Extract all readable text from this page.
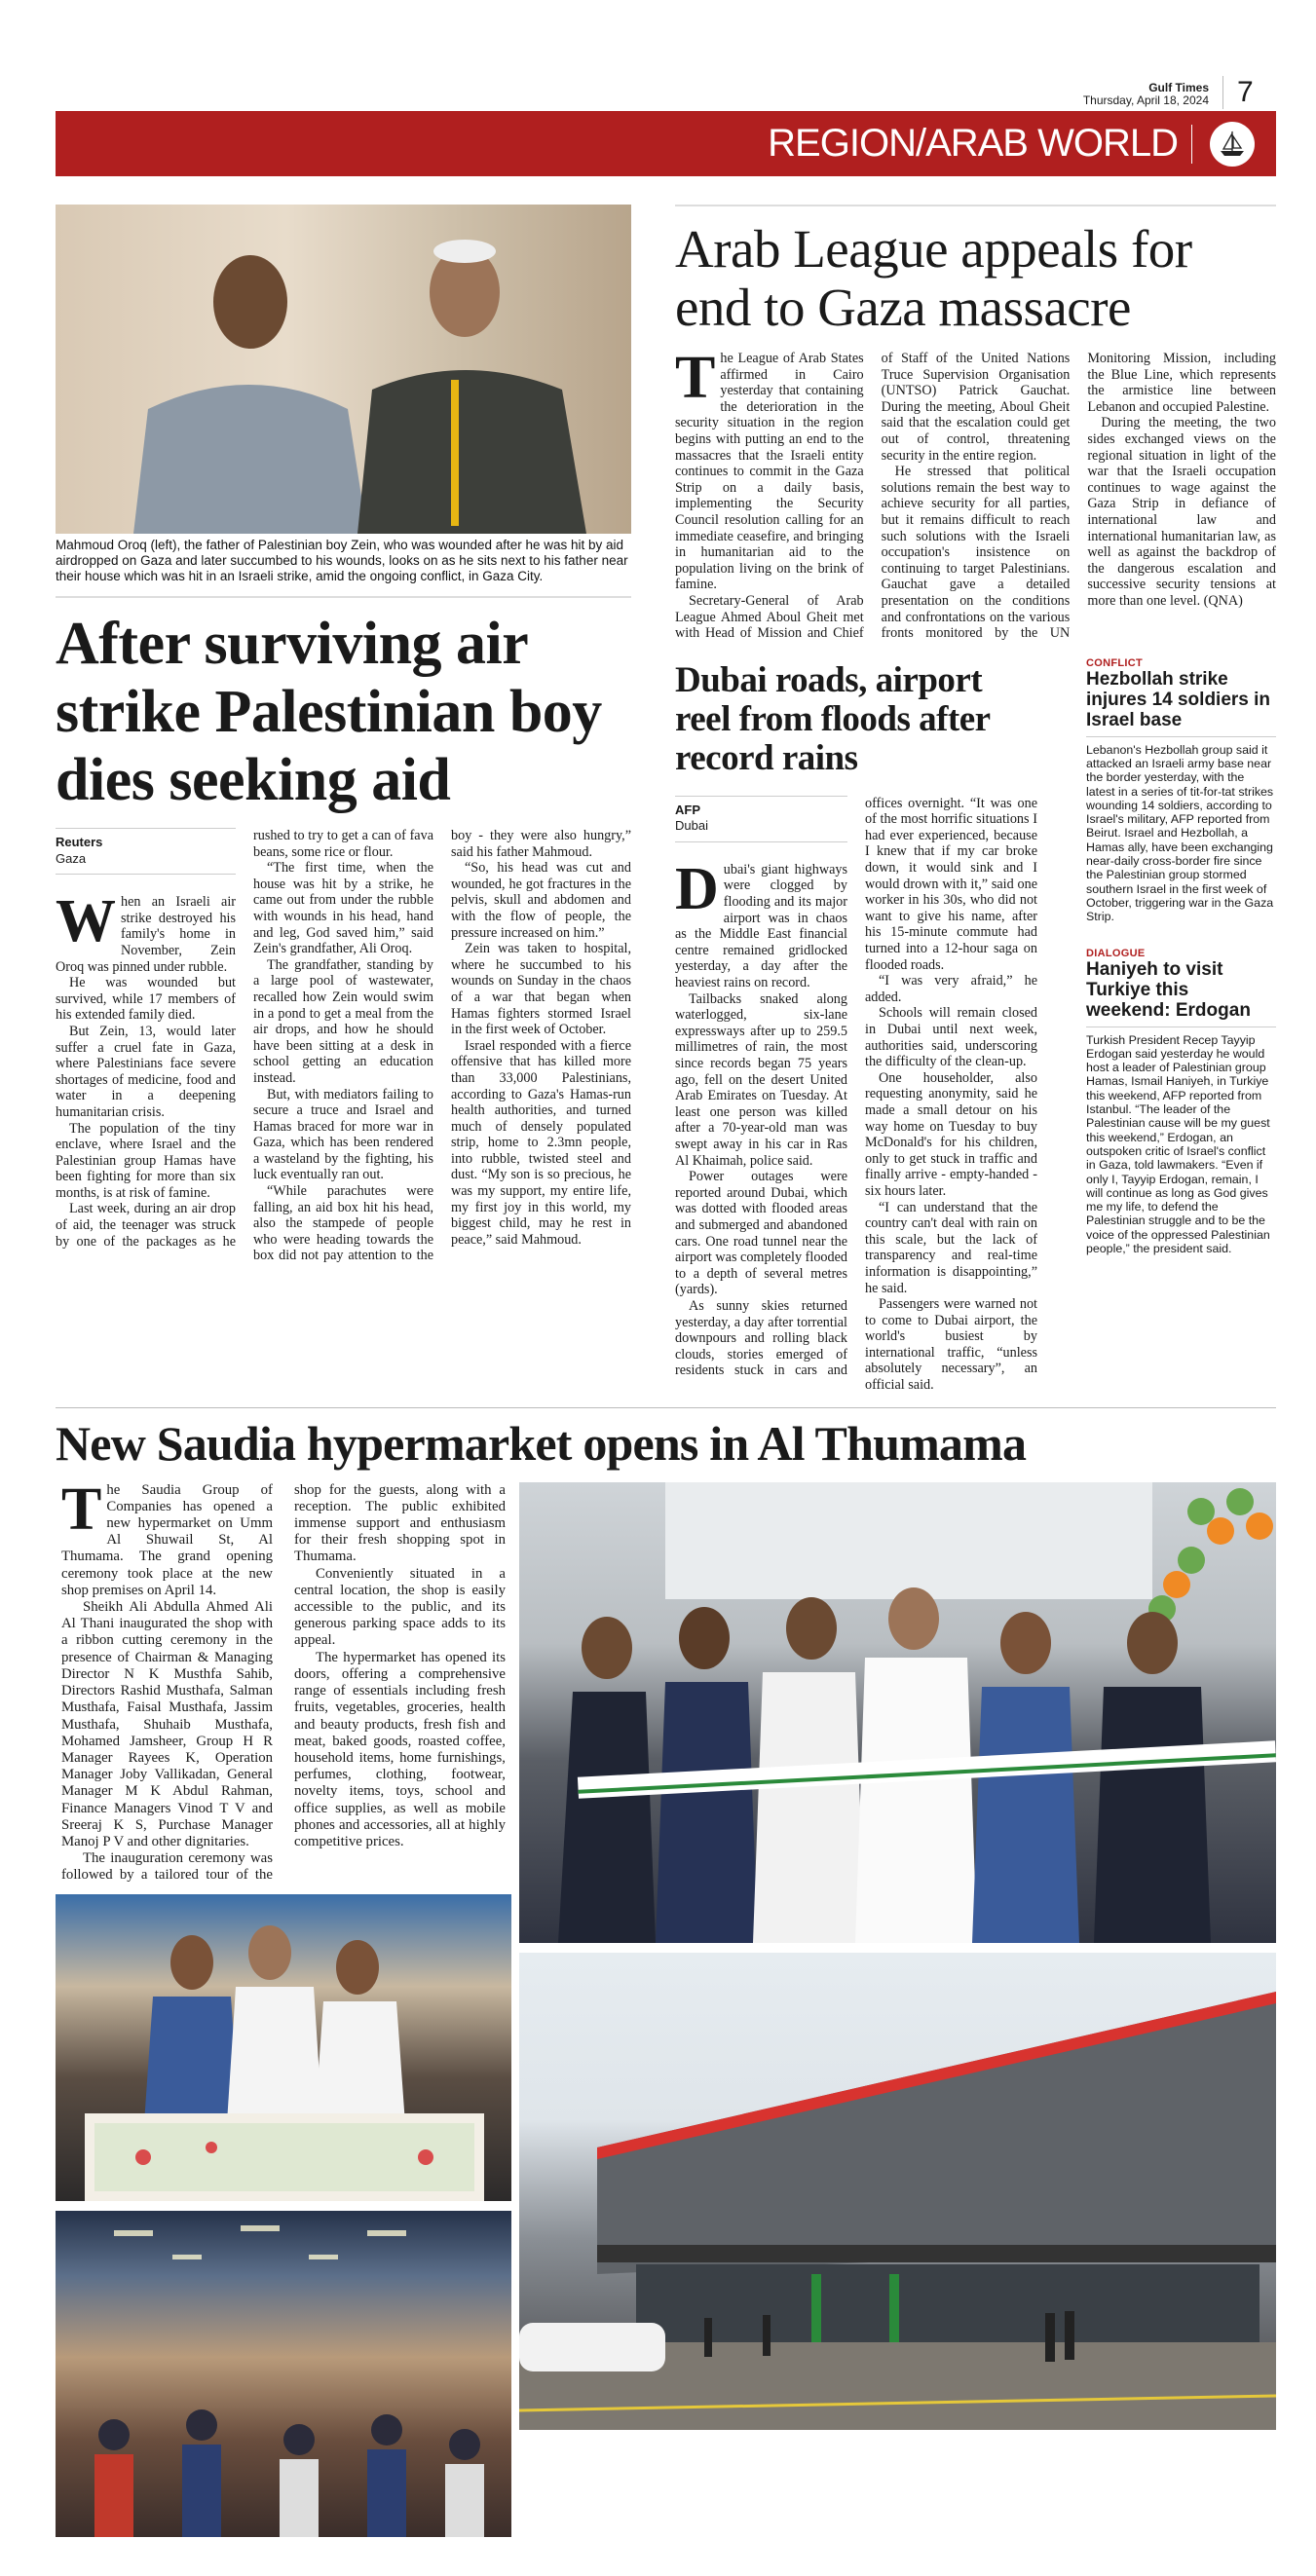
Gulf Times
Thursday, April 18, 2024 7
REGION/ARAB WORLD
Mahmoud Oroq (left), the father of Palestinian boy Zein, who was wounded after he was hit by aid airdropped on Gaza and later succumbed to his wounds, looks on as he sits next to his father near their house which was hit in an Israeli strike, amid the ongoing conflict, in Gaza City.
After surviving air strike Palestinian boy dies seeking aid
Reuters
Gaza

When an Israeli air strike destroyed his family's home in November, Zein Oroq was pinned under rubble.

He was wounded but survived, while 17 members of his extended family died.

But Zein, 13, would later suffer a cruel fate in Gaza, where Palestinians face severe shortages of medicine, food and water in a deepening humanitarian crisis.

The population of the tiny enclave, where Israel and the Palestinian group Hamas have been fighting for more than six months, is at risk of famine.

Last week, during an air drop of aid, the teenager was struck by one of the packages as he rushed to try to get a can of fava beans, some rice or flour.

“The first time, when the house was hit by a strike, he came out from under the rubble with wounds in his head, hand and leg, God saved him,” said Zein's grandfather, Ali Oroq.

The grandfather, standing by a large pool of wastewater, recalled how Zein would swim in a pond to get a meal from the air drops, and how he should have been sitting at a desk in school getting an education instead.

But, with mediators failing to secure a truce and Israel and Hamas braced for more war in Gaza, which has been rendered a wasteland by the fighting, his luck eventually ran out.

“While parachutes were falling, an aid box hit his head, also the stampede of people who were heading towards the box did not pay attention to the boy - they were also hungry,” said his father Mahmoud.

“So, his head was cut and wounded, he got fractures in the pelvis, skull and abdomen and with the flow of people, the pressure increased on him.”

Zein was taken to hospital, where he succumbed to his wounds on Sunday in the chaos of a war that began when Hamas fighters stormed Israel in the first week of October.

Israel responded with a fierce offensive that has killed more than 33,000 Palestinians, according to Gaza's Hamas-run health authorities, and turned much of densely populated strip, home to 2.3mn people, into rubble, twisted steel and dust. “My son is so precious, he was my support, my entire life, my first joy in this world, my biggest child, may he rest in peace,” said Mahmoud.

Arab League appeals for end to Gaza massacre

The League of Arab States affirmed in Cairo yesterday that containing the deterioration in the security situation in the region begins with putting an end to the massacres that the Israeli entity continues to commit in the Gaza Strip on a daily basis, implementing the Security Council resolution calling for an immediate ceasefire, and bringing in humanitarian aid to the population living on the brink of famine.

Secretary-General of Arab League Ahmed Aboul Gheit met with Head of Mission and Chief of Staff of the United Nations Truce Supervision Organisation (UNTSO) Patrick Gauchat. During the meeting, Aboul Gheit said that the escalation could get out of control, threatening security in the entire region.

He stressed that political solutions remain the best way to achieve security for all parties, but it remains difficult to reach such solutions with the Israeli occupation's insistence on continuing to target Palestinians. Gauchat gave a detailed presentation on the conditions and confrontations on the various fronts monitored by the UN Monitoring Mission, including the Blue Line, which represents the armistice line between Lebanon and occupied Palestine.

During the meeting, the two sides exchanged views on the regional situation in light of the war that the Israeli occupation continues to wage against the Gaza Strip in defiance of international law and international humanitarian law, as well as against the backdrop of the dangerous escalation and successive security tensions at more than one level. (QNA)

Dubai roads, airport reel from floods after record rains
AFP
Dubai

Dubai's giant highways were clogged by flooding and its major airport was in chaos as the Middle East financial centre remained gridlocked yesterday, a day after the heaviest rains on record.

Tailbacks snaked along waterlogged, six-lane expressways after up to 259.5 millimetres of rain, the most since records began 75 years ago, fell on the desert United Arab Emirates on Tuesday. At least one person was killed after a 70-year-old man was swept away in his car in Ras Al Khaimah, police said.

Power outages were reported around Dubai, which was dotted with flooded areas and submerged and abandoned cars. One road tunnel near the airport was completely flooded to a depth of several metres (yards).

As sunny skies returned yesterday, a day after torrential downpours and rolling black clouds, stories emerged of residents stuck in cars and offices overnight. “It was one of the most horrific situations I had ever experienced, because I knew that if my car broke down, it would sink and I would drown with it,” said one worker in his 30s, who did not want to give his name, after his 15-minute commute had turned into a 12-hour saga on flooded roads.

“I was very afraid,” he added.

Schools will remain closed in Dubai until next week, authorities said, underscoring the difficulty of the clean-up.

One householder, also requesting anonymity, said he made a small detour on his way home on Tuesday to buy McDonald's for his children, only to get stuck in traffic and finally arrive - empty-handed - six hours later.

“I can understand that the country can't deal with rain on this scale, but the lack of transparency and real-time information is disappointing,” he said.

Passengers were warned not to come to Dubai airport, the world's busiest by international traffic, “unless absolutely necessary”, an official said.

CONFLICT
Hezbollah strike injures 14 soldiers in Israel base
Lebanon's Hezbollah group said it attacked an Israeli army base near the border yesterday, with the latest in a series of tit-for-tat strikes wounding 14 soldiers, according to Israel's military, AFP reported from Beirut. Israel and Hezbollah, a Hamas ally, have been exchanging near-daily cross-border fire since the Palestinian group stormed southern Israel in the first week of October, triggering war in the Gaza Strip.
DIALOGUE
Haniyeh to visit Turkiye this weekend: Erdogan
Turkish President Recep Tayyip Erdogan said yesterday he would host a leader of Palestinian group Hamas, Ismail Haniyeh, in Turkiye this weekend, AFP reported from Istanbul. “The leader of the Palestinian cause will be my guest this weekend,” Erdogan, an outspoken critic of Israel's conflict in Gaza, told lawmakers. “Even if only I, Tayyip Erdogan, remain, I will continue as long as God gives me my life, to defend the Palestinian struggle and to be the voice of the oppressed Palestinian people,” the president said.
New Saudia hypermarket opens in Al Thumama

The Saudia Group of Companies has opened a new hypermarket on Umm Al Shuwail St, Al Thumama. The grand opening ceremony took place at the new shop premises on April 14.

Sheikh Ali Abdulla Ahmed Ali Al Thani inaugurated the shop with a ribbon cutting ceremony in the presence of Chairman & Managing Director N K Musthfa Sahib, Directors Rashid Musthafa, Salman Musthafa, Faisal Musthafa, Jassim Musthafa, Shuhaib Musthafa, Mohamed Jamsheer, Group H R Manager Rayees K, Operation Manager Joby Vallikadan, General Manager M K Abdul Rahman, Finance Managers Vinod T V and Sreeraj K S, Purchase Manager Manoj P V and other dignitaries.

The inauguration ceremony was followed by a tailored tour of the shop for the guests, along with a reception. The public exhibited immense support and enthusiasm for their fresh shopping spot in Thumama.

Conveniently situated in a central location, the shop is easily accessible to the public, and its generous parking space adds to its appeal.

The hypermarket has opened its doors, offering a comprehensive range of essentials including fresh fruits, vegetables, groceries, health and beauty products, fresh fish and meat, baked goods, roasted coffee, household items, home furnishings, perfumes, clothing, footwear, novelty items, toys, school and office supplies, as well as mobile phones and accessories, all at highly competitive prices.
